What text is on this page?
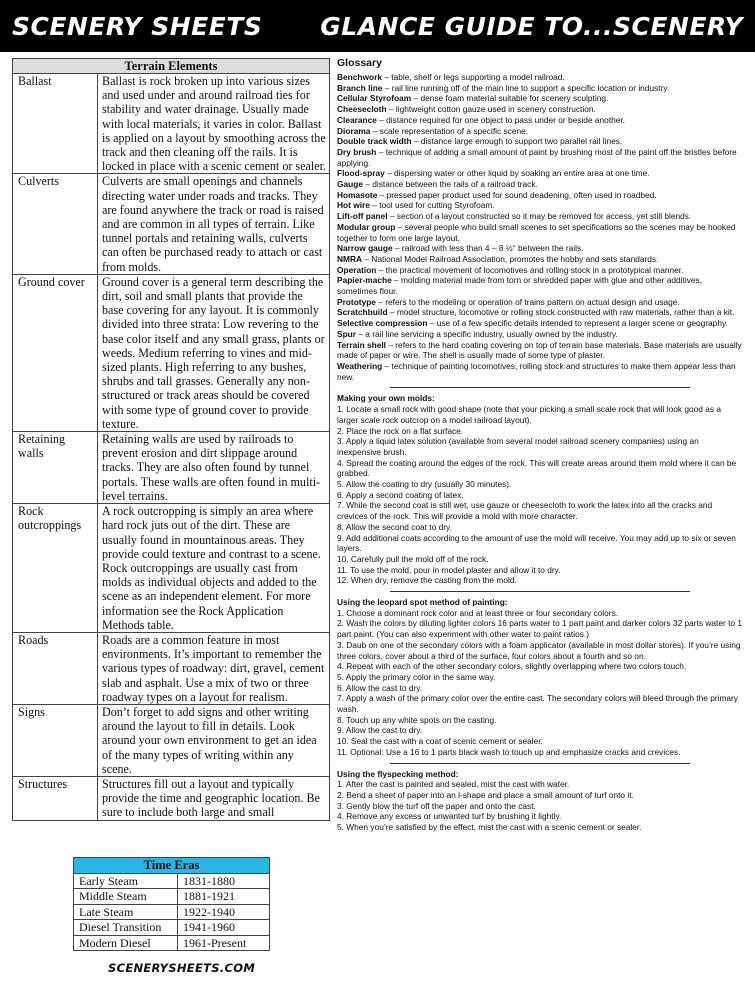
SCENERY SHEETS GLANCE GUIDE TO...SCENERY
Terrain Elements	
Ballast	Ballast is rock broken up into various sizes and used under and around railroad ties for stability and water drainage. Usually made with local materials, it varies in color. Ballast is applied on a layout by smoothing across the track and then cleaning off the rails. It is locked in place with a scenic cement or sealer.
Culverts	Culverts are small openings and channels directing water under roads and tracks. They are found anywhere the track or road is raised and are common in all types of terrain. Like tunnel portals and retaining walls, culverts can often be purchased ready to attach or cast from molds.
Ground cover	Ground cover is a general term describing the dirt, soil and small plants that provide the base covering for any layout. It is commonly divided into three strata: Low revering to the base color itself and any small grass, plants or weeds. Medium referring to vines and mid-sized plants. High referring to any bushes, shrubs and tall grasses. Generally any non-structured or track areas should be covered with some type of ground cover to provide texture.
Retaining walls	Retaining walls are used by railroads to prevent erosion and dirt slippage around tracks. They are also often found by tunnel portals. These walls are often found in multi-level terrains.
Rock outcroppings	A rock outcropping is simply an area where hard rock juts out of the dirt. These are usually found in mountainous areas. They provide could texture and contrast to a scene. Rock outcroppings are usually cast from molds as individual objects and added to the scene as an independent element. For more information see the Rock Application Methods table.
Roads	Roads are a common feature in most environments. It’s important to remember the various types of roadway: dirt, gravel, cement slab and asphalt. Use a mix of two or three roadway types on a layout for realism.
Signs	Don’t forget to add signs and other writing around the layout to fill in details. Look around your own environment to get an idea of the many types of writing within any scene.
Structures	Structures fill out a layout and typically provide the time and geographic location. Be sure to include both large and small
Time Eras	
Early Steam	1831-1880
Middle Steam	1881-1921
Late Steam	1922-1940
Diesel Transition	1941-1960
Modern Diesel	1961-Present
SCENERYSHEETS.COM
Glossary
Benchwork – table, shelf or legs supporting a model railroad.
Branch line – rail line running off of the main line to support a specific location or industry.
Cellular Styrofoam – dense foam material suitable for scenery sculpting.
Cheesecloth – lightweight cotton gauze used in scenery construction.
Clearance – distance required for one object to pass under or beside another.
Diorama – scale representation of a specific scene.
Double track width – distance large enough to support two parallel rail lines.
Dry brush – technique of adding a small amount of paint by brushing most of the paint off the bristles before applying.
Flood-spray – dispersing water or other liquid by soaking an entire area at one time.
Gauge – distance between the rails of a railroad track.
Homasote – pressed paper product used for sound deadening, often used in roadbed.
Hot wire – tool used for cutting Styrofoam.
Lift-off panel – section of a layout constructed so it may be removed for access, yet still blends.
Modular group – several people who build small scenes to set specifications so the scenes may be hooked together to form one large layout.
Narrow gauge – railroad with less than 4 – 8 ½ʺ between the rails.
NMRA – National Model Railroad Association, promotes the hobby and sets standards.
Operation – the practical movement of locomotives and rolling stock in a prototypical manner.
Papier-mache – molding material made from torn or shredded paper with glue and other additives, sometimes flour.
Prototype – refers to the modeling or operation of trains pattern on actual design and usage.
Scratchbuild – model structure, locomotive or rolling stock constructed with raw materials, rather than a kit.
Selective compression – use of a few specific details intended to represent a larger scene or geography.
Spur – a rail line servicing a specific industry, usually owned by the industry.
Terrain shell – refers to the hard coating covering on top of terrain base materials. Base materials are usually made of paper or wire. The shell is usually made of some type of plaster.
Weathering – technique of painting locomotives, rolling stock and structures to make them appear less than new.
Making your own molds:
1. Locate a small rock with good shape (note that your picking a small scale rock that will look good as a larger scale rock outcrop on a model railroad layout).
2. Place the rock on a flat surface.
3. Apply a liquid latex solution (available from several model railroad scenery companies) using an inexpensive brush.
4. Spread the coating around the edges of the rock. This will create areas around them mold where it can be grabbed.
5. Allow the coating to dry (usually 30 minutes).
6. Apply a second coating of latex.
7. While the second coat is still wet, use gauze or cheesecloth to work the latex into all the cracks and crevices of the rock. This will provide a mold with more character.
8. Allow the second coat to dry.
9. Add additional coats according to the amount of use the mold will receive. You may add up to six or seven layers.
10. Carefully pull the mold off of the rock.
11. To use the mold, pour in model plaster and allow it to dry.
12. When dry, remove the casting from the mold.
Using the leopard spot method of painting:
1. Choose a dominant rock color and at least three or four secondary colors.
2. Wash the colors by diluting lighter colors 16 parts water to 1 part paint and darker colors 32 parts water to 1 part paint. (You can also experiment with other water to paint ratios.)
3. Daub on one of the secondary colors with a foam applicator (available in most dollar stores). If you’re using three colors, cover about a third of the surface, four colors about a fourth and so on.
4. Repeat with each of the other secondary colors, slightly overlapping where two colors touch.
5. Apply the primary color in the same way.
6. Allow the cast to dry.
7. Apply a wash of the primary color over the entire cast. The secondary colors will bleed through the primary wash.
8. Touch up any white spots on the casting.
9. Allow the cast to dry.
10. Seal the cast with a coat of scenic cement or sealer.
11. Optional: Use a 16 to 1 parts black wash to touch up and emphasize cracks and crevices.
Using the flyspecking method:
1. After the cast is painted and sealed, mist the cast with water.
2. Bend a sheet of paper into an l-shape and place a small amount of turf onto it.
3. Gently blow the turf off the paper and onto the cast.
4. Remove any excess or unwanted turf by brushing it lightly.
5. When you’re satisfied by the effect, mist the cast with a scenic cement or sealer.
